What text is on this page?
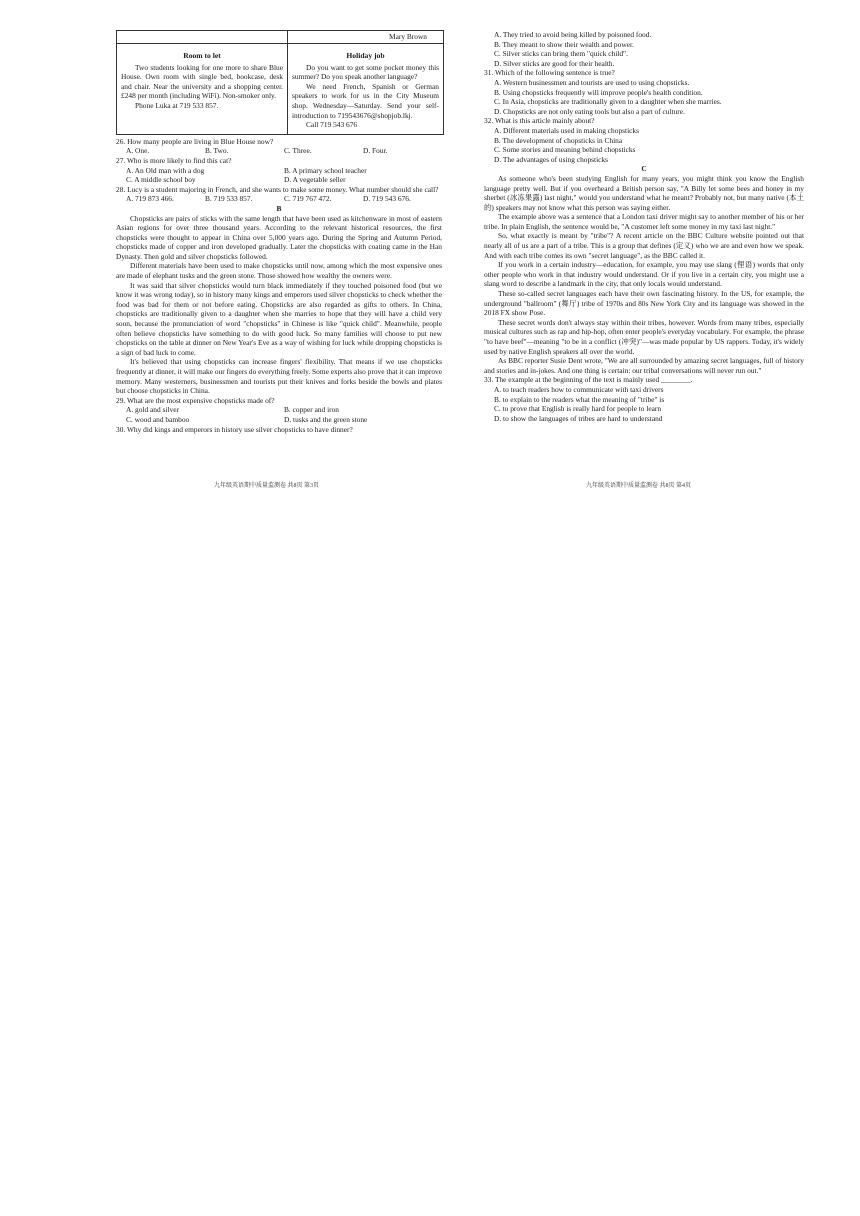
Mary Brown
Room to let

Two students looking for one more to share Blue House. Own room with single bed, bookcase, desk and chair. Near the university and a shopping center. £248 per month (including WiFi). Non-smoker only.

Phone Luka at 719 533 857.

Holiday job

Do you want to get some pocket money this summer? Do you speak another language?

We need French, Spanish or German speakers to work for us in the City Museum shop. Wednesday—Saturday. Send your self-introduction to 719543676@shopjob.lkj.

Call 719 543 676

26. How many people are living in Blue House now?

A. One.	B. Two.	C. Three.	D. Four.

27. Who is more likely to find this cat?

A. An Old man with a dog	B. A primary school teacher
C. A middle school boy	D. A vegetable seller

28. Lucy is a student majoring in French, and she wants to make some money. What number should she call?

A. 719 873 466.	B. 719 533 857.	C. 719 767 472.	D. 719 543 676.

B

Chopsticks are pairs of sticks with the same length that have been used as kitchenware in most of eastern Asian regions for over three thousand years. According to the relevant historical resources, the first chopsticks were thought to appear in China over 5,000 years ago. During the Spring and Autumn Period, chopsticks made of copper and iron developed gradually. Later the chopsticks with coating came in the Han Dynasty. Then gold and silver chopsticks followed.

Different materials have been used to make chopsticks until now, among which the most expensive ones are made of elephant tusks and the green stone. Those showed how wealthy the owners were.

It was said that silver chopsticks would turn black immediately if they touched poisoned food (but we know it was wrong today), so in history many kings and emperors used silver chopsticks to check whether the food was bad for them or not before eating. Chopsticks are also regarded as gifts to others. In China, chopsticks are traditionally given to a daughter when she marries to hope that they will have a child very soon, because the pronunciation of word "chopsticks" in Chinese is like "quick child". Meanwhile, people often believe chopsticks have something to do with good luck. So many families will choose to put new chopsticks on the table at dinner on New Year's Eve as a way of wishing for luck while dropping chopsticks is a sign of bad luck to come.

It's believed that using chopsticks can increase fingers' flexibility. That means if we use chopsticks frequently at dinner, it will make our fingers do everything freely. Some experts also prove that it can improve memory. Many westerners, businessmen and tourists put their knives and forks beside the bowls and plates but choose chopsticks in China.

29. What are the most expensive chopsticks made of?

A. gold and silver	B. copper and iron
C. wood and bamboo	D. tusks and the green stone

30. Why did kings and emperors in history use silver chopsticks to have dinner?

九年级英语期中质量监测卷 共8页 第3页
A. They tried to avoid being killed by poisoned food.
B. They meant to show their wealth and power.
C. Silver sticks can bring them "quick child".
D. Silver sticks are good for their health.

31. Which of the following sentence is true?

A. Western businessmen and tourists are used to using chopsticks.
B. Using chopsticks frequently will improve people's health condition.
C. In Asia, chopsticks are traditionally given to a daughter when she marries.
D. Chopsticks are not only eating tools but also a part of culture.

32. What is this article mainly about?

A. Different materials used in making chopsticks
B. The development of chopsticks in China
C. Some stories and meaning behind chopsticks
D. The advantages of using chopsticks

C

As someone who's been studying English for many years, you might think you know the English language pretty well. But if you overheard a British person say, "A Billy let some bees and honey in my sherbet (冰冻果露) last night," would you understand what he meant? Probably not, but many native (本土的) speakers may not know what this person was saying either.

The example above was a sentence that a London taxi driver might say to another member of his or her tribe. In plain English, the sentence would be, "A customer left some money in my taxi last night."

So, what exactly is meant by "tribe"? A recent article on the BBC Culture website pointed out that nearly all of us are a part of a tribe. This is a group that defines (定义) who we are and even how we speak. And with each tribe comes its own "secret language", as the BBC called it.

If you work in a certain industry—education, for example, you may use slang (俚语) words that only other people who work in that industry would understand. Or if you live in a certain city, you might use a slang word to describe a landmark in the city, that only locals would understand.

These so-called secret languages each have their own fascinating history. In the US, for example, the underground "ballroom" (舞厅) tribe of 1970s and 80s New York City and its language was showed in the 2018 FX show Pose.

These secret words don't always stay within their tribes, however. Words from many tribes, especially musical cultures such as rap and hip-hop, often enter people's everyday vocabulary. For example, the phrase "to have beef"—meaning "to be in a conflict (冲突)"—was made popular by US rappers. Today, it's widely used by native English speakers all over the world.

As BBC reporter Susie Dent wrote, "We are all surrounded by amazing secret languages, full of history and stories and in-jokes. And one thing is certain: our tribal conversations will never run out."

33. The example at the beginning of the text is mainly used ________.

A. to teach readers how to communicate with taxi drivers
B. to explain to the readers what the meaning of "tribe" is
C. to prove that English is really hard for people to learn
D. to show the languages of tribes are hard to understand
九年级英语期中质量监测卷 共8页 第4页
